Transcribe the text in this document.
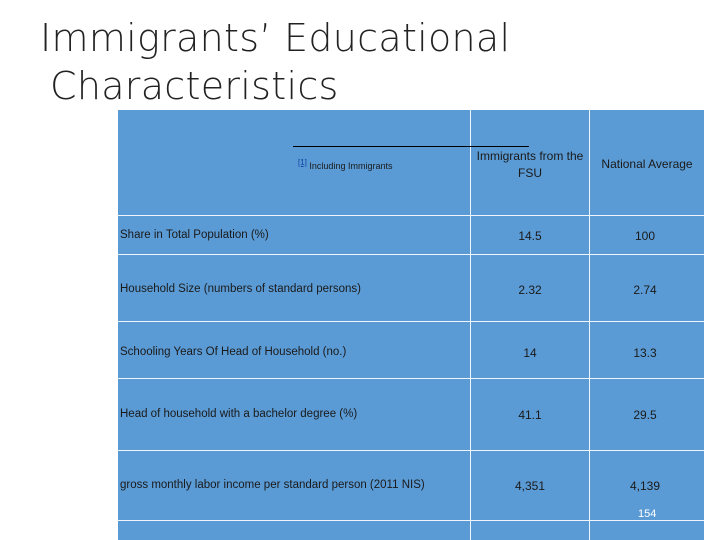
Immigrants’ Educational
Characteristics
[1] Including Immigrants
Immigrants from the FSU
National Average
Share in Total Population (%)	14.5	100
Household Size (numbers of standard persons)	2.32	2.74
Schooling Years Of Head of Household (no.)	14	13.3
Head of household with a bachelor degree (%)	41.1	29.5
gross monthly labor income per standard person (2011 NIS)	4,351	4,139
154
